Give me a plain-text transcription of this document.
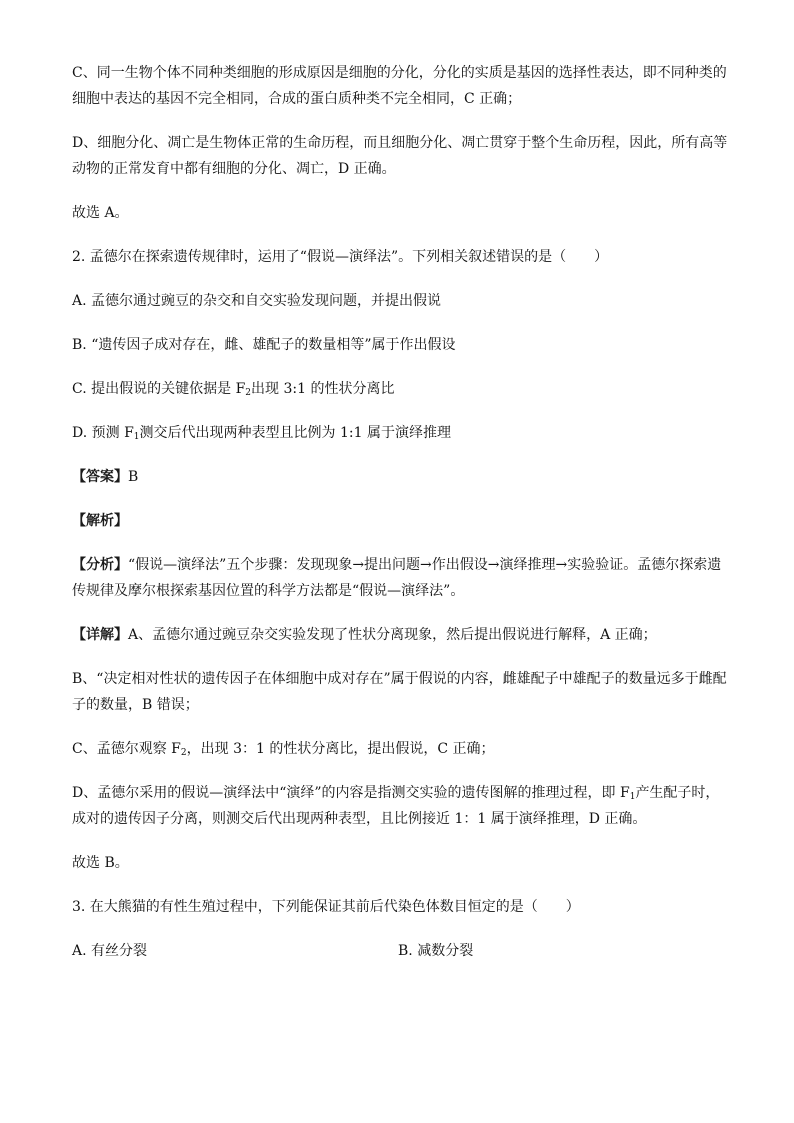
C、同一生物个体不同种类细胞的形成原因是细胞的分化，分化的实质是基因的选择性表达，即不同种类的细胞中表达的基因不完全相同，合成的蛋白质种类不完全相同，C 正确；

D、细胞分化、凋亡是生物体正常的生命历程，而且细胞分化、凋亡贯穿于整个生命历程，因此，所有高等动物的正常发育中都有细胞的分化、凋亡，D 正确。

故选 A。

2. 孟德尔在探索遗传规律时，运用了“假说—演绎法”。下列相关叙述错误的是（　　）

A. 孟德尔通过豌豆的杂交和自交实验发现问题，并提出假说

B. “遗传因子成对存在，雌、雄配子的数量相等”属于作出假设

C. 提出假说的关键依据是 $F_2$出现 3:1 的性状分离比

D. 预测 $F_1$测交后代出现两种表型且比例为 1:1 属于演绎推理

【答案】B

【解析】

【分析】“假说—演绎法”五个步骤：发现现象→提出问题→作出假设→演绎推理→实验验证。孟德尔探索遗传规律及摩尔根探索基因位置的科学方法都是“假说—演绎法”。

【详解】A、孟德尔通过豌豆杂交实验发现了性状分离现象，然后提出假说进行解释，A 正确；

B、“决定相对性状的遗传因子在体细胞中成对存在”属于假说的内容，雌雄配子中雄配子的数量远多于雌配子的数量，B 错误；

C、孟德尔观察 $F_2$，出现 3：1 的性状分离比，提出假说，C 正确；

D、孟德尔采用的假说—演绎法中“演绎”的内容是指测交实验的遗传图解的推理过程，即 $F_1$产生配子时，成对的遗传因子分离，则测交后代出现两种表型，且比例接近 1：1 属于演绎推理，D 正确。

故选 B。

3. 在大熊猫的有性生殖过程中，下列能保证其前后代染色体数目恒定的是（　　）

A. 有丝分裂	B. 减数分裂
